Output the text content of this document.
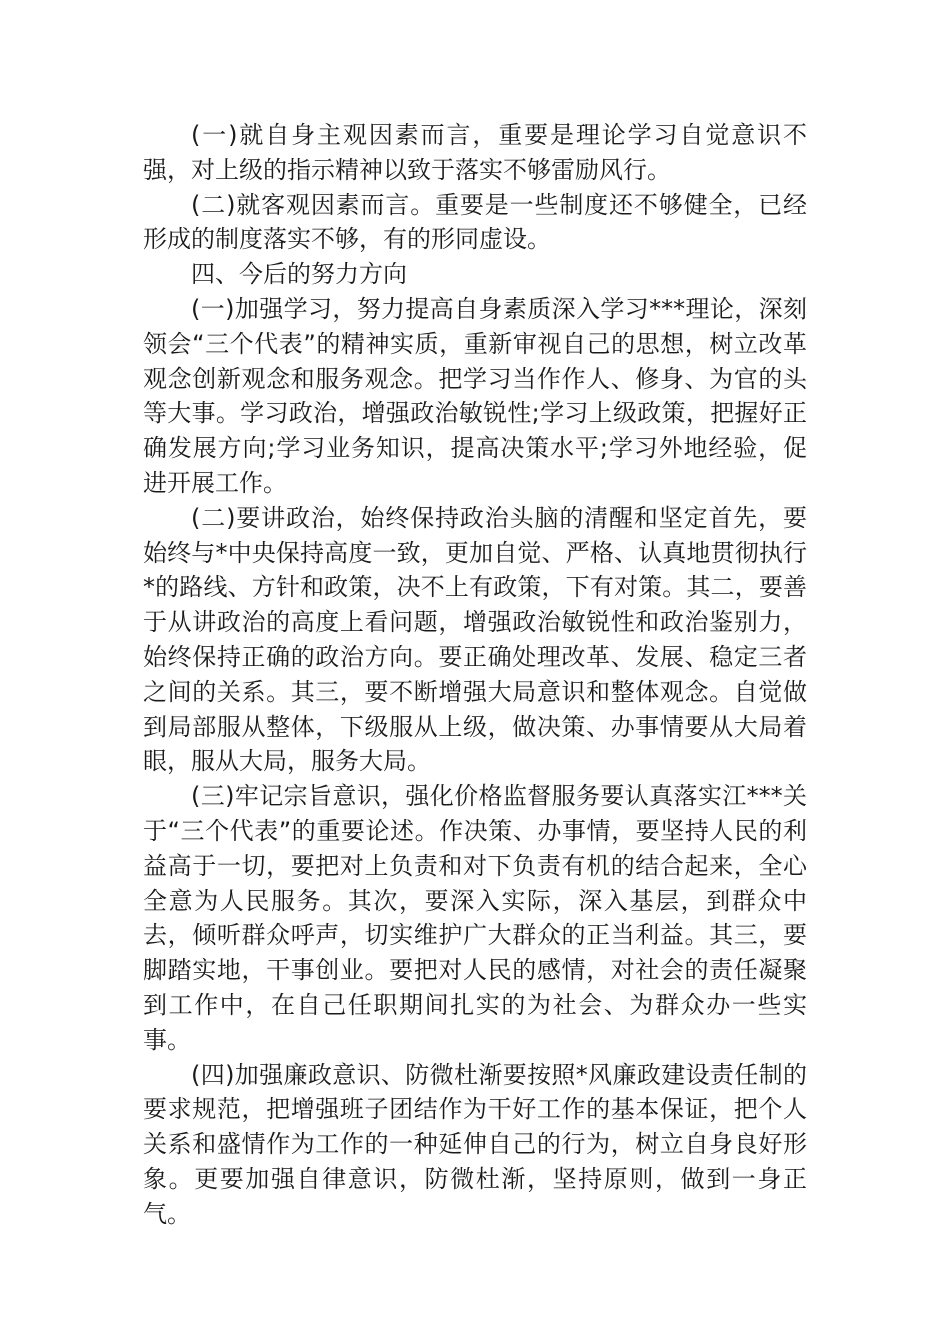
(一)就自身主观因素而言，重要是理论学习自觉意识不强，对上级的指示精神以致于落实不够雷励风行。

(二)就客观因素而言。重要是一些制度还不够健全，已经形成的制度落实不够，有的形同虚设。

四、今后的努力方向

(一)加强学习，努力提高自身素质深入学习***理论，深刻领会“三个代表”的精神实质，重新审视自己的思想，树立改革观念创新观念和服务观念。把学习当作作人、修身、为官的头等大事。学习政治，增强政治敏锐性;学习上级政策，把握好正确发展方向;学习业务知识，提高决策水平;学习外地经验，促进开展工作。

(二)要讲政治，始终保持政治头脑的清醒和坚定首先，要始终与*中央保持高度一致，更加自觉、严格、认真地贯彻执行*的路线、方针和政策，决不上有政策，下有对策。其二，要善于从讲政治的高度上看问题，增强政治敏锐性和政治鉴别力，始终保持正确的政治方向。要正确处理改革、发展、稳定三者之间的关系。其三，要不断增强大局意识和整体观念。自觉做到局部服从整体，下级服从上级，做决策、办事情要从大局着眼，服从大局，服务大局。

(三)牢记宗旨意识，强化价格监督服务要认真落实江***关于“三个代表”的重要论述。作决策、办事情，要坚持人民的利益高于一切，要把对上负责和对下负责有机的结合起来，全心全意为人民服务。其次，要深入实际，深入基层，到群众中去，倾听群众呼声，切实维护广大群众的正当利益。其三，要脚踏实地，干事创业。要把对人民的感情，对社会的责任凝聚到工作中，在自己任职期间扎实的为社会、为群众办一些实事。

(四)加强廉政意识、防微杜渐要按照*风廉政建设责任制的要求规范，把增强班子团结作为干好工作的基本保证，把个人关系和盛情作为工作的一种延伸自己的行为，树立自身良好形象。更要加强自律意识，防微杜渐，坚持原则，做到一身正气。
